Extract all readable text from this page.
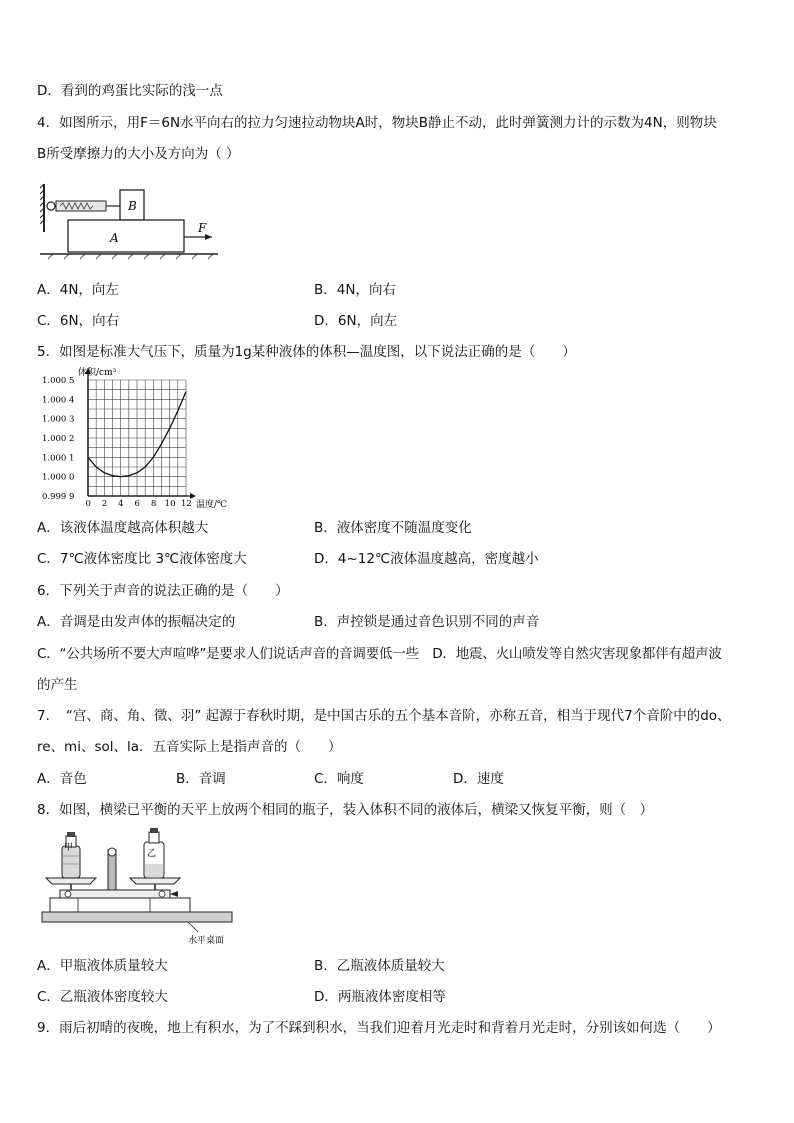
D．看到的鸡蛋比实际的浅一点
4．如图所示，用F＝6N水平向右的拉力匀速拉动物块A时，物块B静止不动，此时弹簧测力计的示数为4N，则物块
B所受摩擦力的大小及方向为（ ）
B
A
F
A．4N，向左	B．4N，向右
C．6N，向右	D．6N，向左
5．如图是标准大气压下，质量为1g某种液体的体积—温度图，以下说法正确的是（　　）
0.999 9
1.000 0
1.000 1
1.000 2
1.000 3
1.000 4
1.000 5
0 2 4 6 8 10 12
体积/cm³
温度/℃
A．该液体温度越高体积越大	B．液体密度不随温度变化
C．7℃液体密度比 3℃液体密度大	D．4~12℃液体温度越高，密度越小
6．下列关于声音的说法正确的是（　　）
A．音调是由发声体的振幅决定的	B．声控锁是通过音色识别不同的声音
C．“公共场所不要大声喧哗”是要求人们说话声音的音调要低一些　D．地震、火山喷发等自然灾害现象都伴有超声波
的产生
7．　“宫、商、角、徵、羽” 起源于春秋时期，是中国古乐的五个基本音阶，亦称五音，相当于现代7个音阶中的do、
re、mi、sol、la．五音实际上是指声音的（　　）
A．音色	B．音调	C．响度	D．速度
8．如图，横梁已平衡的天平上放两个相同的瓶子，装入体积不同的液体后，横梁又恢复平衡，则（　）
甲
乙
水平桌面
A．甲瓶液体质量较大	B．乙瓶液体质量较大
C．乙瓶液体密度较大	D．两瓶液体密度相等
9．雨后初晴的夜晚，地上有积水，为了不踩到积水，当我们迎着月光走时和背着月光走时，分别该如何选（　　）
